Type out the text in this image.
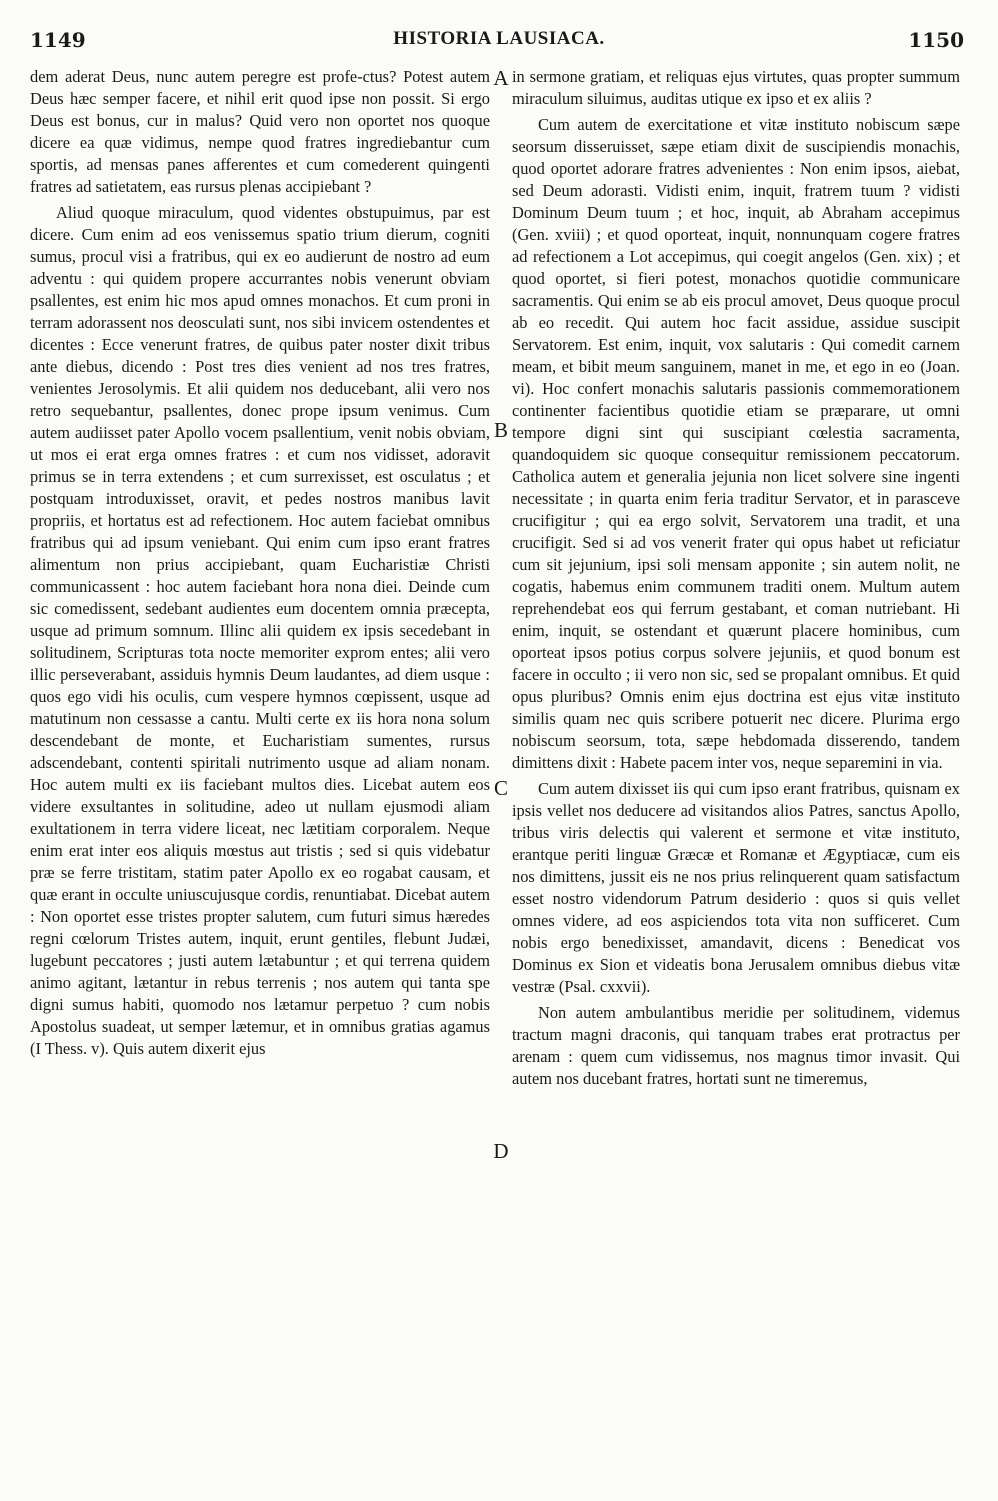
1149	HISTORIA LAUSIACA.	1150

dem aderat Deus, nunc autem peregre est profe-ctus? Potest autem Deus hæc semper facere, et nihil erit quod ipse non possit. Si ergo Deus est bonus, cur in malus? Quid vero non oportet nos quoque dicere ea quæ vidimus, nempe quod fratres ingrediebantur cum sportis, ad mensas panes afferentes et cum comederent quingenti fratres ad satietatem, eas rursus plenas accipiebant ?

Aliud quoque miraculum, quod videntes obstupuimus, par est dicere. Cum enim ad eos venissemus spatio trium dierum, cogniti sumus, procul visi a fratribus, qui ex eo audierunt de nostro ad eum adventu : qui quidem propere accurrantes nobis venerunt obviam psallentes, est enim hic mos apud omnes monachos. Et cum proni in terram adorassent nos deosculati sunt, nos sibi invicem ostendentes et dicentes : Ecce venerunt fratres, de quibus pater noster dixit tribus ante diebus, dicendo : Post tres dies venient ad nos tres fratres, venientes Jerosolymis. Et alii quidem nos deducebant, alii vero nos retro sequebantur, psallentes, donec prope ipsum venimus. Cum autem audiisset pater Apollo vocem psallentium, venit nobis obviam, ut mos ei erat erga omnes fratres : et cum nos vidisset, adoravit primus se in terra extendens ; et cum surrexisset, est osculatus ; et postquam introduxisset, oravit, et pedes nostros manibus lavit propriis, et hortatus est ad refectionem. Hoc autem faciebat omnibus fratribus qui ad ipsum veniebant. Qui enim cum ipso erant fratres alimentum non prius accipiebant, quam Eucharistiæ Christi communicassent : hoc autem faciebant hora nona diei. Deinde cum sic comedissent, sedebant audientes eum docentem omnia præcepta, usque ad primum somnum. Illinc alii quidem ex ipsis secedebant in solitudinem, Scripturas tota nocte memoriter exprom entes; alii vero illic perseverabant, assiduis hymnis Deum laudantes, ad diem usque : quos ego vidi his oculis, cum vespere hymnos cœpissent, usque ad matutinum non cessasse a cantu. Multi certe ex iis hora nona solum descendebant de monte, et Eucharistiam sumentes, rursus adscendebant, contenti spiritali nutrimento usque ad aliam nonam. Hoc autem multi ex iis faciebant multos dies. Licebat autem eos videre exsultantes in solitudine, adeo ut nullam ejusmodi aliam exultationem in terra videre liceat, nec lætitiam corporalem. Neque enim erat inter eos aliquis mœstus aut tristis ; sed si quis videbatur præ se ferre tristitam, statim pater Apollo ex eo rogabat causam, et quæ erant in occulte uniuscujusque cordis, renuntiabat. Dicebat autem : Non oportet esse tristes propter salutem, cum futuri simus hæredes regni cœlorum Tristes autem, inquit, erunt gentiles, flebunt Judæi, lugebunt peccatores ; justi autem lætabuntur ; et qui terrena quidem animo agitant, lætantur in rebus terrenis ; nos autem qui tanta spe digni sumus habiti, quomodo nos lætamur perpetuo ? cum nobis Apostolus suadeat, ut semper lætemur, et in omnibus gratias agamus (I Thess. v). Quis autem dixerit ejus

A
B
C
D

in sermone gratiam, et reliquas ejus virtutes, quas propter summum miraculum siluimus, auditas utique ex ipso et ex aliis ?

Cum autem de exercitatione et vitæ instituto nobiscum sæpe seorsum disseruisset, sæpe etiam dixit de suscipiendis monachis, quod oportet adorare fratres advenientes : Non enim ipsos, aiebat, sed Deum adorasti. Vidisti enim, inquit, fratrem tuum ? vidisti Dominum Deum tuum ; et hoc, inquit, ab Abraham accepimus (Gen. xviii) ; et quod oporteat, inquit, nonnunquam cogere fratres ad refectionem a Lot accepimus, qui coegit angelos (Gen. xix) ; et quod oportet, si fieri potest, monachos quotidie communicare sacramentis. Qui enim se ab eis procul amovet, Deus quoque procul ab eo recedit. Qui autem hoc facit assidue, assidue suscipit Servatorem. Est enim, inquit, vox salutaris : Qui comedit carnem meam, et bibit meum sanguinem, manet in me, et ego in eo (Joan. vi). Hoc confert monachis salutaris passionis commemorationem continenter facientibus quotidie etiam se præparare, ut omni tempore digni sint qui suscipiant cœlestia sacramenta, quandoquidem sic quoque consequitur remissionem peccatorum. Catholica autem et generalia jejunia non licet solvere sine ingenti necessitate ; in quarta enim feria traditur Servator, et in parasceve crucifigitur ; qui ea ergo solvit, Servatorem una tradit, et una crucifigit. Sed si ad vos venerit frater qui opus habet ut reficiatur cum sit jejunium, ipsi soli mensam apponite ; sin autem nolit, ne cogatis, habemus enim communem traditi onem. Multum autem reprehendebat eos qui ferrum gestabant, et coman nutriebant. Hi enim, inquit, se ostendant et quærunt placere hominibus, cum oporteat ipsos potius corpus solvere jejuniis, et quod bonum est facere in occulto ; ii vero non sic, sed se propalant omnibus. Et quid opus pluribus? Omnis enim ejus doctrina est ejus vitæ instituto similis quam nec quis scribere potuerit nec dicere. Plurima ergo nobiscum seorsum, tota, sæpe hebdomada disserendo, tandem dimittens dixit : Habete pacem inter vos, neque separemini in via.

Cum autem dixisset iis qui cum ipso erant fratribus, quisnam ex ipsis vellet nos deducere ad visitandos alios Patres, sanctus Apollo, tribus viris delectis qui valerent et sermone et vitæ instituto, erantque periti linguæ Græcæ et Romanæ et Ægyptiacæ, cum eis nos dimittens, jussit eis ne nos prius relinquerent quam satisfactum esset nostro videndorum Patrum desiderio : quos si quis vellet omnes videre, ad eos aspiciendos tota vita non sufficeret. Cum nobis ergo benedixisset, amandavit, dicens : Benedicat vos Dominus ex Sion et videatis bona Jerusalem omnibus diebus vitæ vestræ (Psal. cxxvii).

Non autem ambulantibus meridie per solitudinem, videmus tractum magni draconis, qui tanquam trabes erat protractus per arenam : quem cum vidissemus, nos magnus timor invasit. Qui autem nos ducebant fratres, hortati sunt ne timeremus,
